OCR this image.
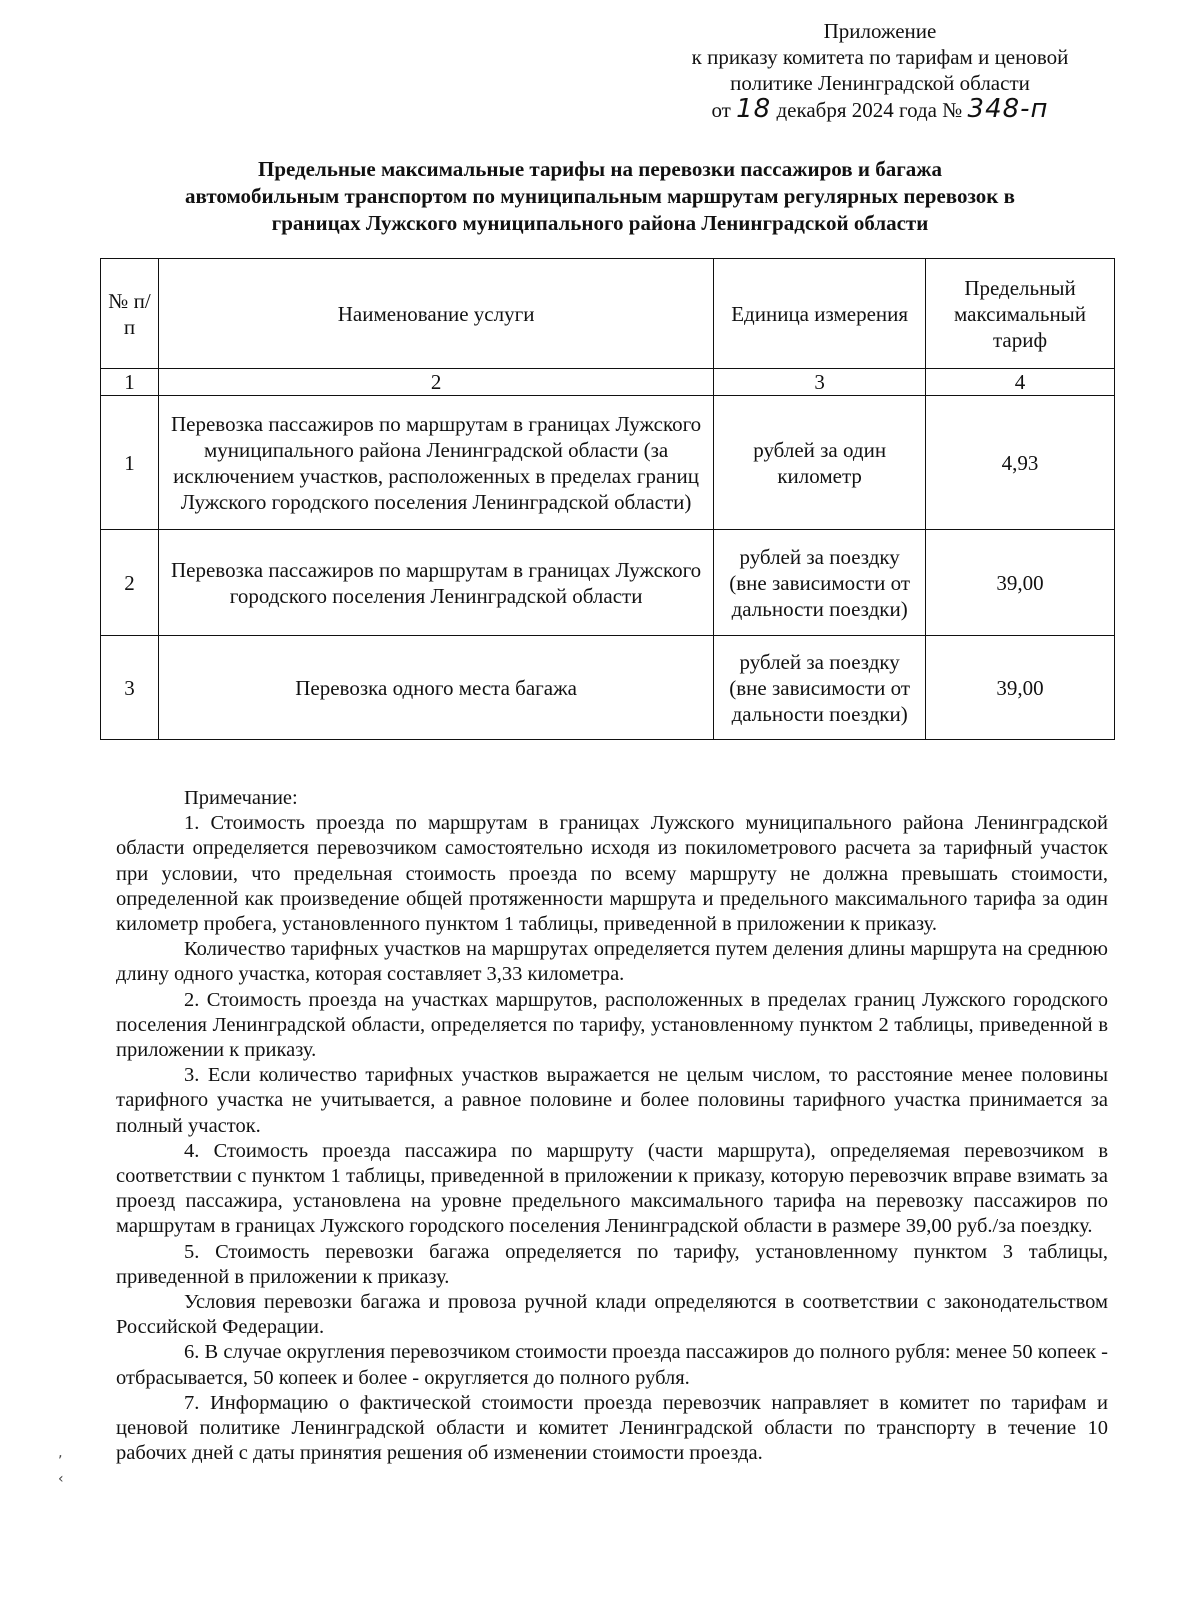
Приложение
к приказу комитета по тарифам и ценовой
политике Ленинградской области
от 18 декабря 2024 года № 348-п
Предельные максимальные тарифы на перевозки пассажиров и багажа
автомобильным транспортом по муниципальным маршрутам регулярных перевозок в
границах Лужского муниципального района Ленинградской области
№ п/п	Наименование услуги	Единица измерения	Предельный максимальный тариф
1	2	3	4
1	Перевозка пассажиров по маршрутам в границах Лужского муниципального района Ленинградской области (за исключением участков, расположенных в пределах границ Лужского городского поселения Ленинградской области)	рублей за один километр	4,93
2	Перевозка пассажиров по маршрутам в границах Лужского городского поселения Ленинградской области	рублей за поездку (вне зависимости от дальности поездки)	39,00
3	Перевозка одного места багажа	рублей за поездку (вне зависимости от дальности поездки)	39,00

Примечание:

1. Стоимость проезда по маршрутам в границах Лужского муниципального района Ленинградской области определяется перевозчиком самостоятельно исходя из покилометрового расчета за тарифный участок при условии, что предельная стоимость проезда по всему маршруту не должна превышать стоимости, определенной как произведение общей протяженности маршрута и предельного максимального тарифа за один километр пробега, установленного пунктом 1 таблицы, приведенной в приложении к приказу.

Количество тарифных участков на маршрутах определяется путем деления длины маршрута на среднюю длину одного участка, которая составляет 3,33 километра.

2. Стоимость проезда на участках маршрутов, расположенных в пределах границ Лужского городского поселения Ленинградской области, определяется по тарифу, установленному пунктом 2 таблицы, приведенной в приложении к приказу.

3. Если количество тарифных участков выражается не целым числом, то расстояние менее половины тарифного участка не учитывается, а равное половине и более половины тарифного участка принимается за полный участок.

4. Стоимость проезда пассажира по маршруту (части маршрута), определяемая перевозчиком в соответствии с пунктом 1 таблицы, приведенной в приложении к приказу, которую перевозчик вправе взимать за проезд пассажира, установлена на уровне предельного максимального тарифа на перевозку пассажиров по маршрутам в границах Лужского городского поселения Ленинградской области в размере 39,00 руб./за поездку.

5. Стоимость перевозки багажа определяется по тарифу, установленному пунктом 3 таблицы, приведенной в приложении к приказу.

Условия перевозки багажа и провоза ручной клади определяются в соответствии с законодательством Российской Федерации.

6. В случае округления перевозчиком стоимости проезда пассажиров до полного рубля: менее 50 копеек - отбрасывается, 50 копеек и более - округляется до полного рубля.

7. Информацию о фактической стоимости проезда перевозчик направляет в комитет по тарифам и ценовой политике Ленинградской области и комитет Ленинградской области по транспорту в течение 10 рабочих дней с даты принятия решения об изменении стоимости проезда.

‚
‹
